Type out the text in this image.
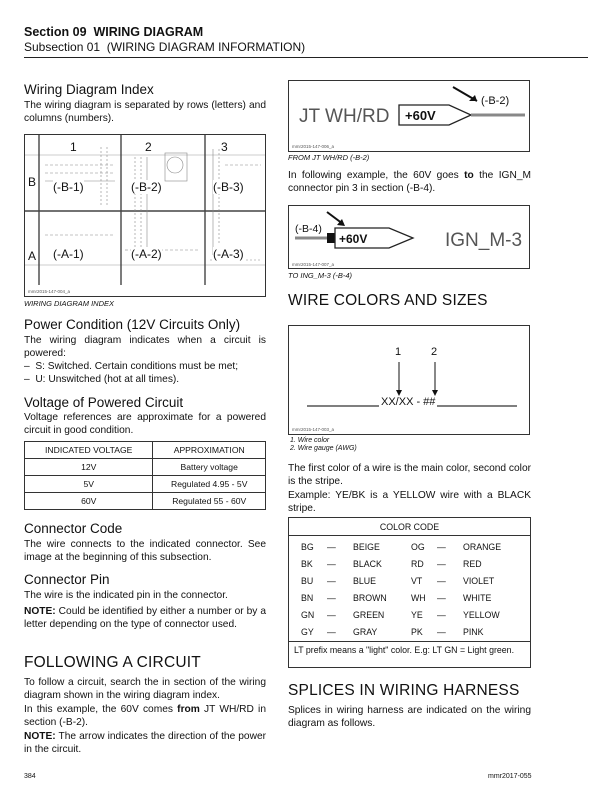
Section 09 WIRING DIAGRAM
Subsection 01 (WIRING DIAGRAM INFORMATION)
Wiring Diagram Index
The wiring diagram is separated by rows (letters) and columns (numbers).
1	2	3
B
A
(-B-1)	(-B-2)	(-B-3)
(-A-1)	(-A-2)	(-A-3)
mmr2015-147-004_a
WIRING DIAGRAM INDEX
Power Condition (12V Circuits Only)
The wiring diagram indicates when a circuit is powered:
–  S: Switched. Certain conditions must be met;
–  U: Unswitched (hot at all times).
Voltage of Powered Circuit
Voltage references are approximate for a powered circuit in good condition.
INDICATED VOLTAGE	APPROXIMATION
12V	Battery voltage
5V	Regulated 4.95 - 5V
60V	Regulated 55 - 60V
Connector Code
The wire connects to the indicated connector. See image at the beginning of this subsection.
Connector Pin
The wire is the indicated pin in the connector.
NOTE: Could be identified by either a number or by a letter depending on the type of connector used.
FOLLOWING A CIRCUIT
To follow a circuit, search the in section of the wiring diagram shown in the wiring diagram index.
In this example, the 60V comes from JT WH/RD in section (-B-2).
NOTE: The arrow indicates the direction of the power in the circuit.
JT WH/RD +60V
(-B-2)
mmr2015-147-006_a
FROM JT WH/RD (-B-2)
In following example, the 60V goes to the IGN_M connector pin 3 in section (-B-4).
(-B-4)
+60V	IGN_M-3
mmr2015-147-007_a
TO ING_M-3 (-B-4)
WIRE COLORS AND SIZES
1	2
XX/XX - ##
mmr2015-147-003_a
1. Wire color
2. Wire gauge (AWG)
The first color of a wire is the main color, second color is the stripe.
Example: YE/BK is a YELLOW wire with a BLACK stripe.
COLOR CODE
BG	—	BEIGE	OG	—	ORANGE
BK	—	BLACK	RD	—	RED
BU	—	BLUE	VT	—	VIOLET
BN	—	BROWN	WH	—	WHITE
GN	—	GREEN	YE	—	YELLOW
GY	—	GRAY	PK	—	PINK
LT prefix means a "light" color. E.g: LT GN = Light green.
SPLICES IN WIRING HARNESS
Splices in wiring harness are indicated on the wiring diagram as follows.
384	mmr2017-055
